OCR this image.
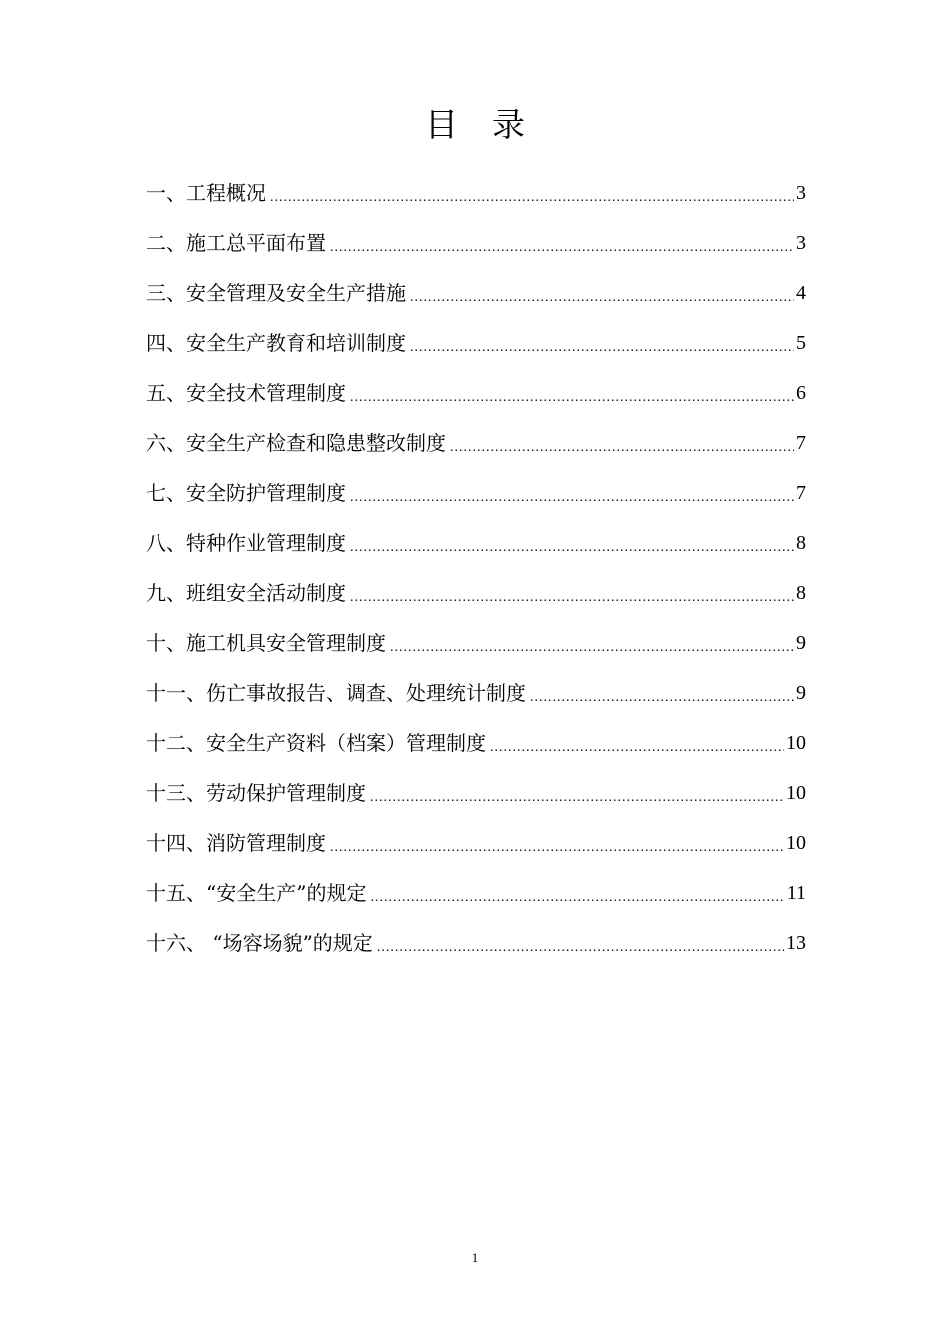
目录
一、工程概况 .....	3
二、施工总平面布置 .....	3
三、安全管理及安全生产措施 .....	4
四、安全生产教育和培训制度 .....	5
五、安全技术管理制度 .....	6
六、安全生产检查和隐患整改制度 .....	7
七、安全防护管理制度 .....	7
八、特种作业管理制度 .....	8
九、班组安全活动制度 .....	8
十、施工机具安全管理制度 .....	9
十一、伤亡事故报告、调查、处理统计制度 .....	9
十二、安全生产资料（档案）管理制度 .....	10
十三、劳动保护管理制度 .....	10
十四、消防管理制度 .....	10
十五、“安全生产”的规定 .....	11
十六、 “场容场貌”的规定 .....	13
1
